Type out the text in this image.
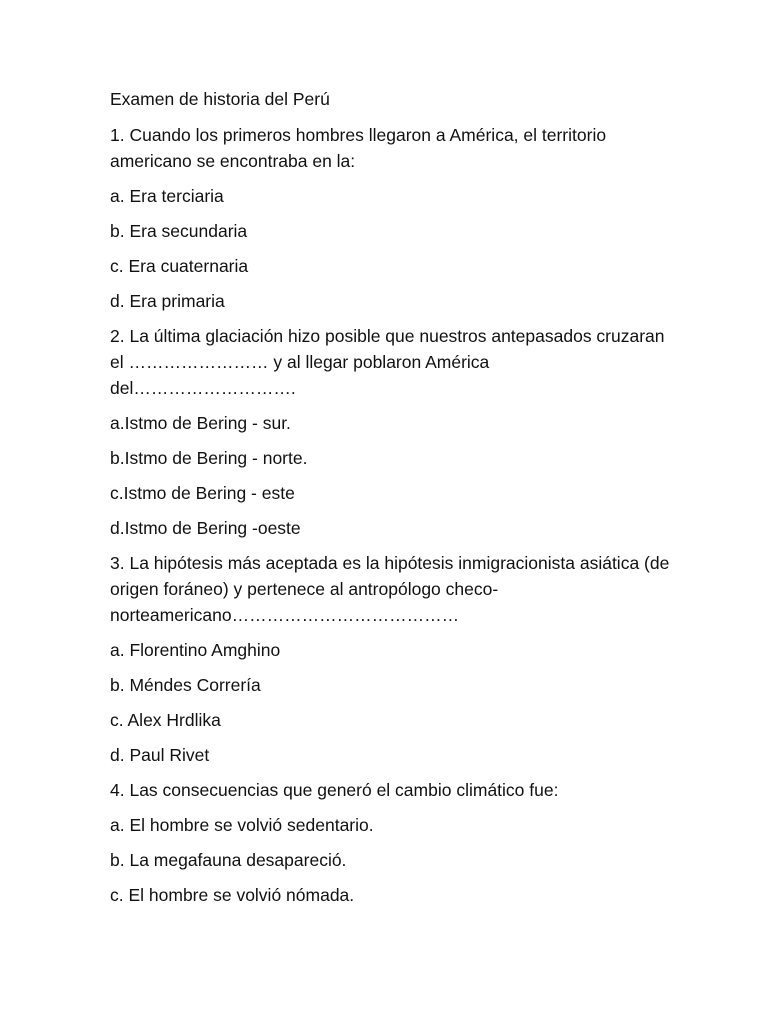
Examen de historia del Perú

1. Cuando los primeros hombres llegaron a América, el territorio americano se encontraba en la:

a. Era terciaria

b. Era secundaria

c. Era cuaternaria

d. Era primaria

2. La última glaciación hizo posible que nuestros antepasados cruzaran el …………………… y al llegar poblaron América del……………………….

a.Istmo de Bering - sur.

b.Istmo de Bering - norte.

c.Istmo de Bering - este

d.Istmo de Bering -oeste

3. La hipótesis más aceptada es la hipótesis inmigracionista asiática (de origen foráneo) y pertenece al antropólogo checo-norteamericano…………………………………

a. Florentino Amghino

b. Méndes Correría

c. Alex Hrdlika

d. Paul Rivet

4. Las consecuencias que generó el cambio climático fue:

a. El hombre se volvió sedentario.

b. La megafauna desapareció.

c. El hombre se volvió nómada.
